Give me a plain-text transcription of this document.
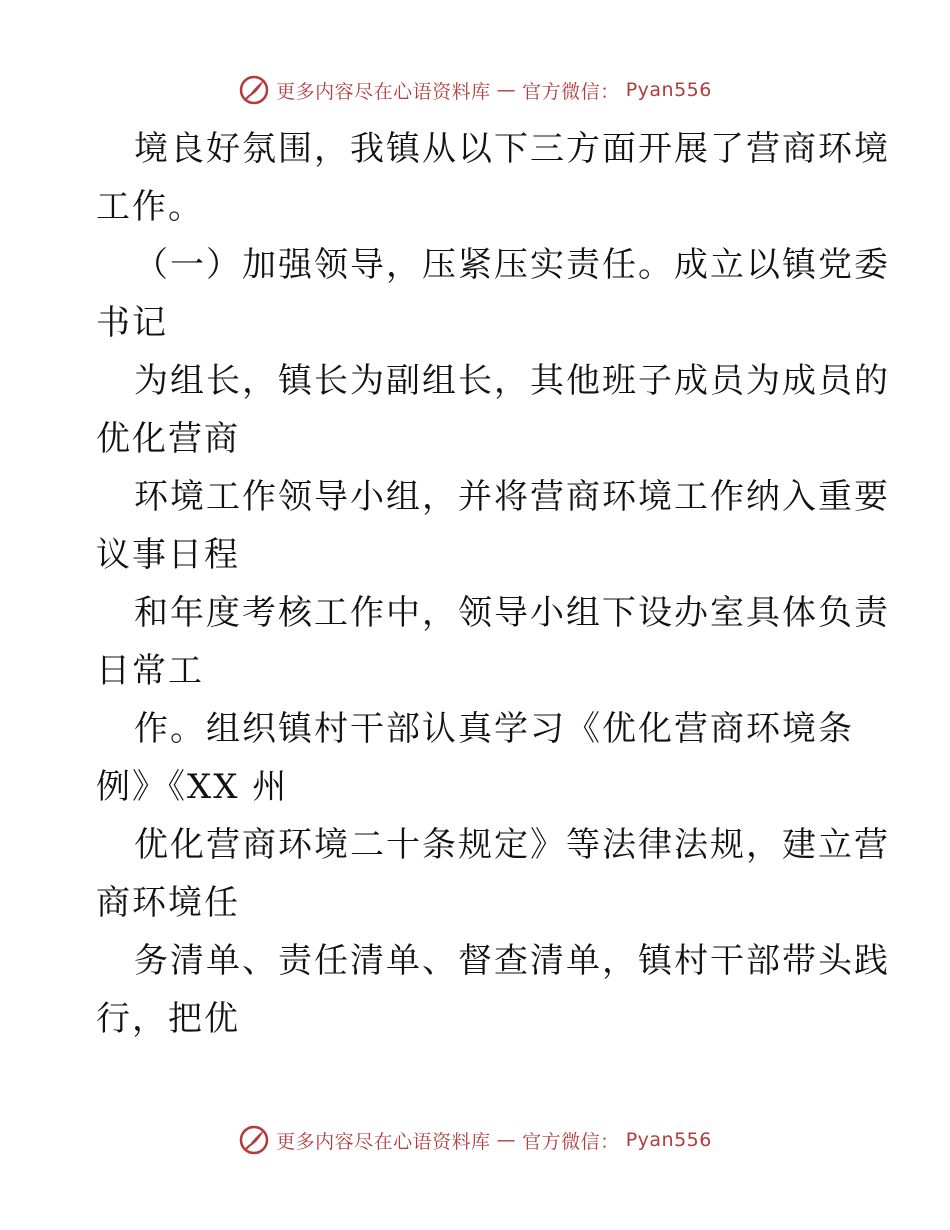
更多内容尽在心语资料库 — 官方微信： Pyan556
境良好氛围，我镇从以下三方面开展了营商环境
工作。
（一）加强领导，压紧压实责任。成立以镇党委
书记
为组长，镇长为副组长，其他班子成员为成员的
优化营商
环境工作领导小组，并将营商环境工作纳入重要
议事日程
和年度考核工作中，领导小组下设办室具体负责
日常工
作。组织镇村干部认真学习《优化营商环境条
例》《XX 州
优化营商环境二十条规定》等法律法规，建立营
商环境任
务清单、责任清单、督查清单，镇村干部带头践
行，把优
更多内容尽在心语资料库 — 官方微信： Pyan556
